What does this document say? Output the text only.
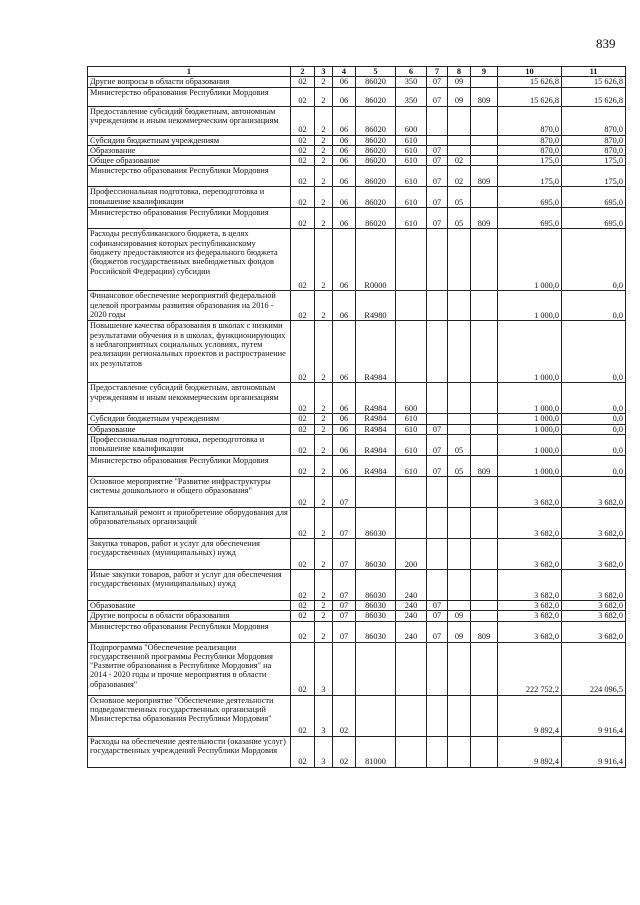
839
1	2	3	4	5	6	7	8	9	10	11
Другие вопросы в области образования	02	2	06	86020	350	07	09		15 626,8	15 626,8
Министерство образования Республики Мордовия	02	2	06	86020	350	07	09	809	15 626,8	15 626,8
Предоставление субсидий бюджетным, автономным учреждениям и иным некоммерческим организациям	02	2	06	86020	600				870,0	870,0
Субсидии бюджетным учреждениям	02	2	06	86020	610				870,0	870,0
Образование	02	2	06	86020	610	07			870,0	870,0
Общее образование	02	2	06	86020	610	07	02		175,0	175,0
Министерство образования Республики Мордовия	02	2	06	86020	610	07	02	809	175,0	175,0
Профессиональная подготовка, переподготовка и повышение квалификации	02	2	06	86020	610	07	05		695,0	695,0
Министерство образования Республики Мордовия	02	2	06	86020	610	07	05	809	695,0	695,0
Расходы республиканского бюджета, в целях софинансирования которых республиканскому бюджету предоставляются из федерального бюджета (бюджетов государственных внебюджетных фондов Российской Федерации) субсидии	02	2	06	R0000					1 000,0	0,0
Финансовое обеспечение мероприятий федеральной целевой программы развития образования на 2016 - 2020 годы	02	2	06	R4980					1 000,0	0,0
Повышение качества образования в школах с низкими результатами обучения и в школах, функционирующих в неблагоприятных социальных условиях, путем реализации региональных проектов и распространение их результатов	02	2	06	R4984					1 000,0	0,0
Предоставление субсидий бюджетным, автономным учреждениям и иным некоммерческим организациям	02	2	06	R4984	600				1 000,0	0,0
Субсидии бюджетным учреждениям	02	2	06	R4984	610				1 000,0	0,0
Образование	02	2	06	R4984	610	07			1 000,0	0,0
Профессиональная подготовка, переподготовка и повышение квалификации	02	2	06	R4984	610	07	05		1 000,0	0,0
Министерство образования Республики Мордовия	02	2	06	R4984	610	07	05	809	1 000,0	0,0
Основное мероприятие "Развитие инфраструктуры системы дошкольного и общего образования"	02	2	07						3 682,0	3 682,0
Капитальный ремонт и приобретение оборудования для образовательных организаций	02	2	07	86030					3 682,0	3 682,0
Закупка товаров, работ и услуг для обеспечения государственных (муниципальных) нужд	02	2	07	86030	200				3 682,0	3 682,0
Иные закупки товаров, работ и услуг для обеспечения государственных (муниципальных) нужд	02	2	07	86030	240				3 682,0	3 682,0
Образование	02	2	07	86030	240	07			3 682,0	3 682,0
Другие вопросы в области образования	02	2	07	86030	240	07	09		3 682,0	3 682,0
Министерство образования Республики Мордовия	02	2	07	86030	240	07	09	809	3 682,0	3 682,0
Подпрограмма "Обеспечение реализации государственной программы Республики Мордовия "Развитие образования в Республике Мордовия" на 2014 - 2020 годы и прочие мероприятия в области образования"	02	3							222 752,2	224 096,5
Основное мероприятие "Обеспечение деятельности подведомственных государственных организаций Министерства образования Республики Мордовия"	02	3	02						9 892,4	9 916,4
Расходы на обеспечение деятельности (оказание услуг) государственных учреждений Республики Мордовия	02	3	02	81000					9 892,4	9 916,4
